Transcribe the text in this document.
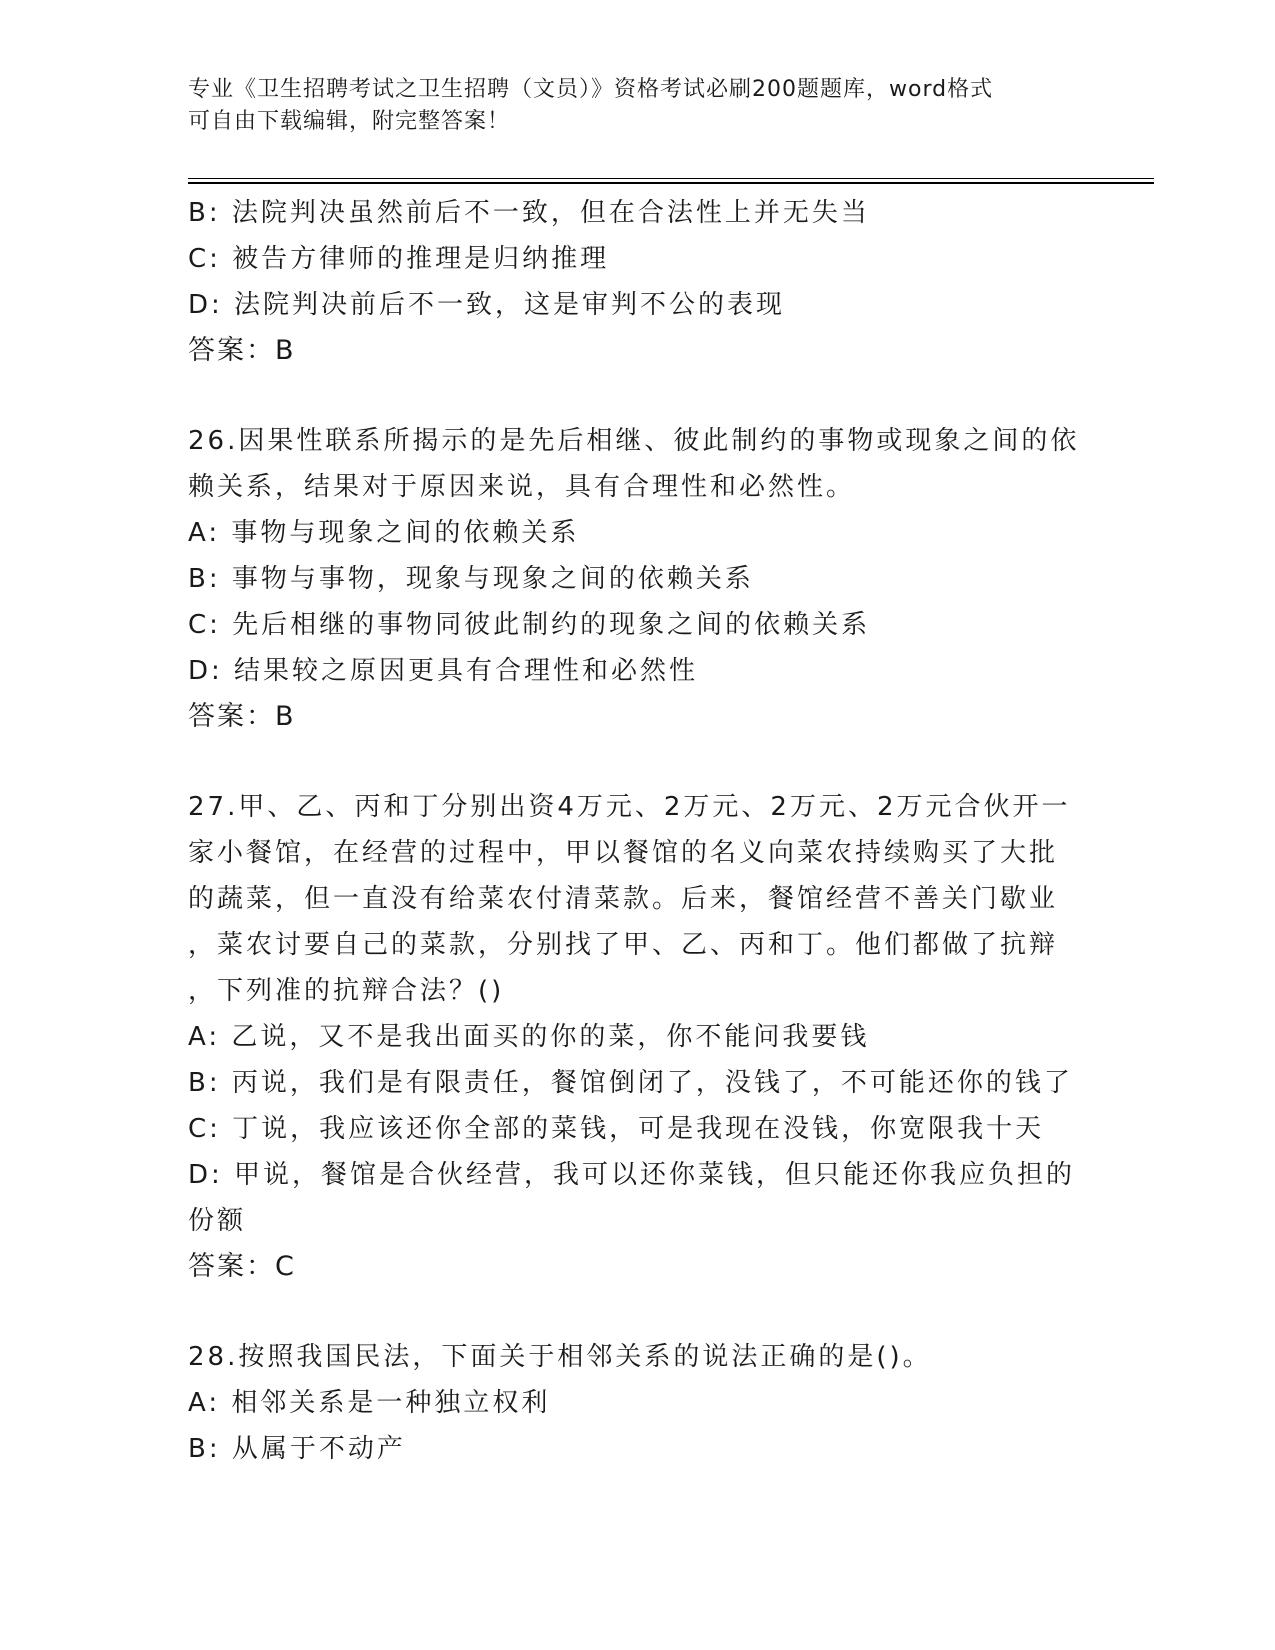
专业《卫生招聘考试之卫生招聘（文员）》资格考试必刷200题题库，word格式
可自由下载编辑，附完整答案！
B: 法院判决虽然前后不一致，但在合法性上并无失当
C: 被告方律师的推理是归纳推理
D: 法院判决前后不一致，这是审判不公的表现
答案：B
26.因果性联系所揭示的是先后相继、彼此制约的事物或现象之间的依
赖关系，结果对于原因来说，具有合理性和必然性。
A: 事物与现象之间的依赖关系
B: 事物与事物，现象与现象之间的依赖关系
C: 先后相继的事物同彼此制约的现象之间的依赖关系
D: 结果较之原因更具有合理性和必然性
答案：B
27.甲、乙、丙和丁分别出资4万元、2万元、2万元、2万元合伙开一
家小餐馆，在经营的过程中，甲以餐馆的名义向菜农持续购买了大批
的蔬菜，但一直没有给菜农付清菜款。后来，餐馆经营不善关门歇业
，菜农讨要自己的菜款，分别找了甲、乙、丙和丁。他们都做了抗辩
，下列准的抗辩合法？()
A: 乙说，又不是我出面买的你的菜，你不能问我要钱
B: 丙说，我们是有限责任，餐馆倒闭了，没钱了，不可能还你的钱了
C: 丁说，我应该还你全部的菜钱，可是我现在没钱，你宽限我十天
D: 甲说，餐馆是合伙经营，我可以还你菜钱，但只能还你我应负担的
份额
答案：C
28.按照我国民法，下面关于相邻关系的说法正确的是()。
A: 相邻关系是一种独立权利
B: 从属于不动产
